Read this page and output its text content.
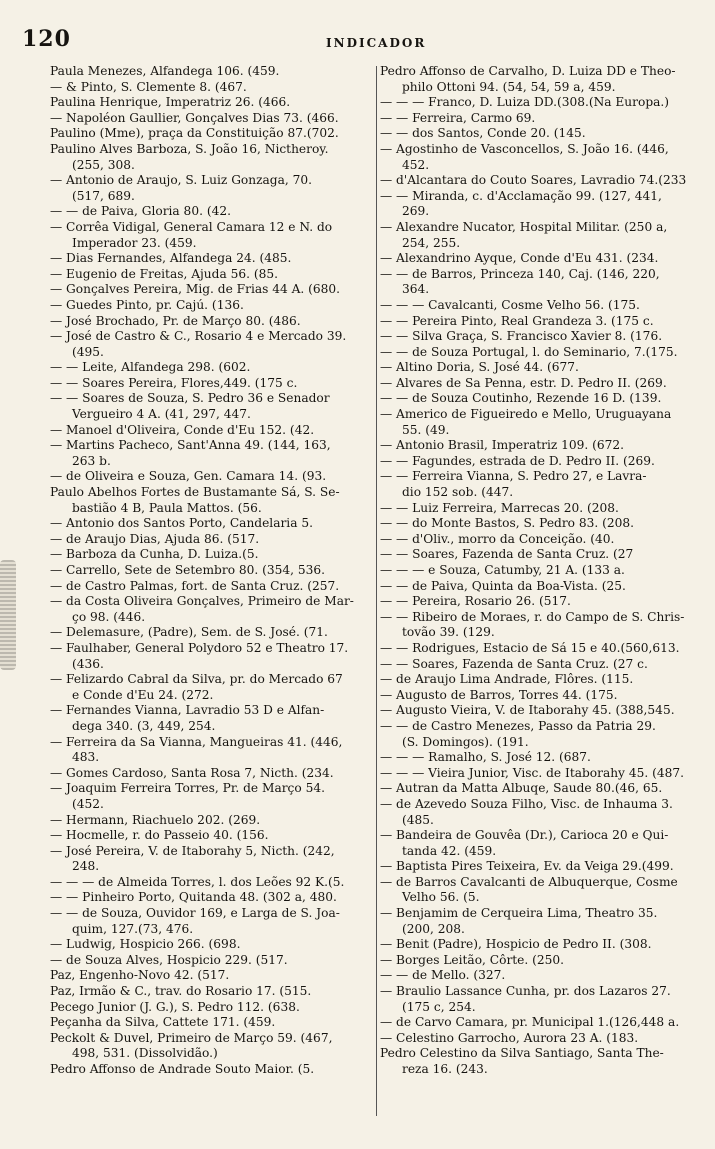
120	INDICADOR
Paula Menezes, Alfandega 106. (459.
— & Pinto, S. Clemente 8. (467.
Paulina Henrique, Imperatriz 26. (466.
— Napoléon Gaullier, Gonçalves Dias 73. (466.
Paulino (Mme), praça da Constituição 87.(702.
Paulino Alves Barboza, S. João 16, Nictheroy.
(255, 308.
— Antonio de Araujo, S. Luiz Gonzaga, 70.
(517, 689.
— — de Paiva, Gloria 80. (42.
— Corrêa Vidigal, General Camara 12 e N. do
Imperador 23. (459.
— Dias Fernandes, Alfandega 24. (485.
— Eugenio de Freitas, Ajuda 56. (85.
— Gonçalves Pereira, Mig. de Frias 44 A. (680.
— Guedes Pinto, pr. Cajú. (136.
— José Brochado, Pr. de Março 80. (486.
— José de Castro & C., Rosario 4 e Mercado 39.
(495.
— — Leite, Alfandega 298. (602.
— — Soares Pereira, Flores,449. (175 c.
— — Soares de Souza, S. Pedro 36 e Senador
Vergueiro 4 A. (41, 297, 447.
— Manoel d'Oliveira, Conde d'Eu 152. (42.
— Martins Pacheco, Sant'Anna 49. (144, 163,
263 b.
— de Oliveira e Souza, Gen. Camara 14. (93.
Paulo Abelhos Fortes de Bustamante Sá, S. Se-
bastião 4 B, Paula Mattos. (56.
— Antonio dos Santos Porto, Candelaria 5.
— de Araujo Dias, Ajuda 86. (517.
— Barboza da Cunha, D. Luiza.(5.
— Carrello, Sete de Setembro 80. (354, 536.
— de Castro Palmas, fort. de Santa Cruz. (257.
— da Costa Oliveira Gonçalves, Primeiro de Mar-
ço 98. (446.
— Delemasure, (Padre), Sem. de S. José. (71.
— Faulhaber, General Polydoro 52 e Theatro 17.
(436.
— Felizardo Cabral da Silva, pr. do Mercado 67
e Conde d'Eu 24. (272.
— Fernandes Vianna, Lavradio 53 D e Alfan-
dega 340. (3, 449, 254.
— Ferreira da Sa Vianna, Mangueiras 41. (446,
483.
— Gomes Cardoso, Santa Rosa 7, Nicth. (234.
— Joaquim Ferreira Torres, Pr. de Março 54.
(452.
— Hermann, Riachuelo 202. (269.
— Hocmelle, r. do Passeio 40. (156.
— José Pereira, V. de Itaborahy 5, Nicth. (242,
248.
— — — de Almeida Torres, l. dos Leões 92 K.(5.
— — Pinheiro Porto, Quitanda 48. (302 a, 480.
— — de Souza, Ouvidor 169, e Larga de S. Joa-
quim, 127.(73, 476.
— Ludwig, Hospicio 266. (698.
— de Souza Alves, Hospicio 229. (517.
Paz, Engenho-Novo 42. (517.
Paz, Irmão & C., trav. do Rosario 17. (515.
Pecego Junior (J. G.), S. Pedro 112. (638.
Peçanha da Silva, Cattete 171. (459.
Peckolt & Duvel, Primeiro de Março 59. (467,
498, 531. (Dissolvidão.)
Pedro Affonso de Andrade Souto Maior. (5.
Pedro Affonso de Carvalho, D. Luiza DD e Theo-
philo Ottoni 94. (54, 54, 59 a, 459.
— — — Franco, D. Luiza DD.(308.(Na Europa.)
— — Ferreira, Carmo 69.
— — dos Santos, Conde 20. (145.
— Agostinho de Vasconcellos, S. João 16. (446,
452.
— d'Alcantara do Couto Soares, Lavradio 74.(233
— — Miranda, c. d'Acclamação 99. (127, 441,
269.
— Alexandre Nucator, Hospital Militar. (250 a,
254, 255.
— Alexandrino Ayque, Conde d'Eu 431. (234.
— — de Barros, Princeza 140, Caj. (146, 220,
364.
— — — Cavalcanti, Cosme Velho 56. (175.
— — Pereira Pinto, Real Grandeza 3. (175 c.
— — Silva Graça, S. Francisco Xavier 8. (176.
— — de Souza Portugal, l. do Seminario, 7.(175.
— Altino Doria, S. José 44. (677.
— Alvares de Sa Penna, estr. D. Pedro II. (269.
— — de Souza Coutinho, Rezende 16 D. (139.
— Americo de Figueiredo e Mello, Uruguayana
55. (49.
— Antonio Brasil, Imperatriz 109. (672.
— — Fagundes, estrada de D. Pedro II. (269.
— — Ferreira Vianna, S. Pedro 27, e Lavra-
dio 152 sob. (447.
— — Luiz Ferreira, Marrecas 20. (208.
— — do Monte Bastos, S. Pedro 83. (208.
— — d'Oliv., morro da Conceição. (40.
— — Soares, Fazenda de Santa Cruz. (27
— — — e Souza, Catumby, 21 A. (133 a.
— — de Paiva, Quinta da Boa-Vista. (25.
— — Pereira, Rosario 26. (517.
— — Ribeiro de Moraes, r. do Campo de S. Chris-
tovão 39. (129.
— — Rodrigues, Estacio de Sá 15 e 40.(560,613.
— — Soares, Fazenda de Santa Cruz. (27 c.
— de Araujo Lima Andrade, Flôres. (115.
— Augusto de Barros, Torres 44. (175.
— Augusto Vieira, V. de Itaborahy 45. (388,545.
— — de Castro Menezes, Passo da Patria 29.
(S. Domingos). (191.
— — — Ramalho, S. José 12. (687.
— — — Vieira Junior, Visc. de Itaborahy 45. (487.
— Autran da Matta Albuqe, Saude 80.(46, 65.
— de Azevedo Souza Filho, Visc. de Inhauma 3.
(485.
— Bandeira de Gouvêa (Dr.), Carioca 20 e Qui-
tanda 42. (459.
— Baptista Pires Teixeira, Ev. da Veiga 29.(499.
— de Barros Cavalcanti de Albuquerque, Cosme
Velho 56. (5.
— Benjamim de Cerqueira Lima, Theatro 35.
(200, 208.
— Benit (Padre), Hospicio de Pedro II. (308.
— Borges Leitão, Côrte. (250.
— — de Mello. (327.
— Braulio Lassance Cunha, pr. dos Lazaros 27.
(175 c, 254.
— de Carvo Camara, pr. Municipal 1.(126,448 a.
— Celestino Garrocho, Aurora 23 A. (183.
Pedro Celestino da Silva Santiago, Santa The-
reza 16. (243.
